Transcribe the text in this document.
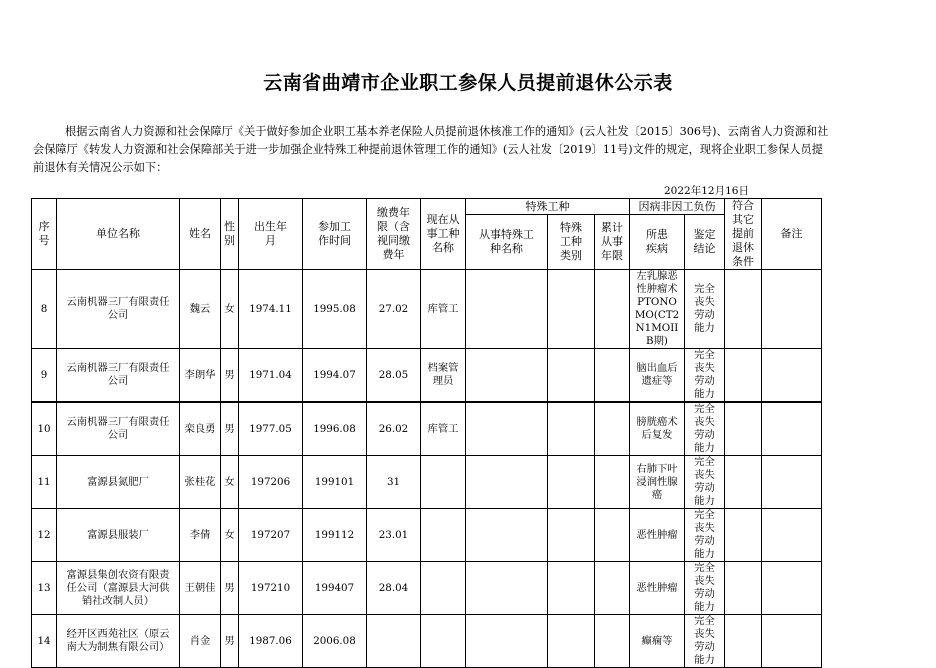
云南省曲靖市企业职工参保人员提前退休公示表
根据云南省人力资源和社会保障厅《关于做好参加企业职工基本养老保险人员提前退休核准工作的通知》(云人社发〔2015〕306号)、云南省人力资源和社会保障厅《转发人力资源和社会保障部关于进一步加强企业特殊工种提前退休管理工作的通知》(云人社发〔2019〕11号)文件的规定，现将企业职工参保人员提前退休有关情况公示如下：
2022年12月16日
序号	单位名称	姓名	性别	出生年月	参加工作时间	缴费年限（含视同缴费年	现在从事工种名称	特殊工种			因病非因工负伤		符合其它提前退休条件	备注
								从事特殊工种名称	特殊工种类别	累计从事年限	所患疾病	鉴定结论		
8	云南机器三厂有限责任公司	魏云	女	1974.11	1995.08	27.02	库管工				左乳腺恶性肿瘤术PTONOMO(CT2N1MOIIB期)	完全丧失劳动能力		
9	云南机器三厂有限责任公司	李朗华	男	1971.04	1994.07	28.05	档案管理员				脑出血后遗症等	完全丧失劳动能力		
10	云南机器三厂有限责任公司	栾良勇	男	1977.05	1996.08	26.02	库管工				膀胱癌术后复发	完全丧失劳动能力		
11	富源县氮肥厂	张桂花	女	197206	199101	31					右肺下叶浸润性腺癌	完全丧失劳动能力		
12	富源县服装厂	李倩	女	197207	199112	23.01					恶性肿瘤	完全丧失劳动能力		
13	富源县集创农资有限责任公司（富源县大河供销社改制人员）	王朝佳	男	197210	199407	28.04					恶性肿瘤	完全丧失劳动能力		
14	经开区西苑社区（原云南大为制焦有限公司）	肖金	男	1987.06	2006.08						癫痫等	完全丧失劳动能力		
